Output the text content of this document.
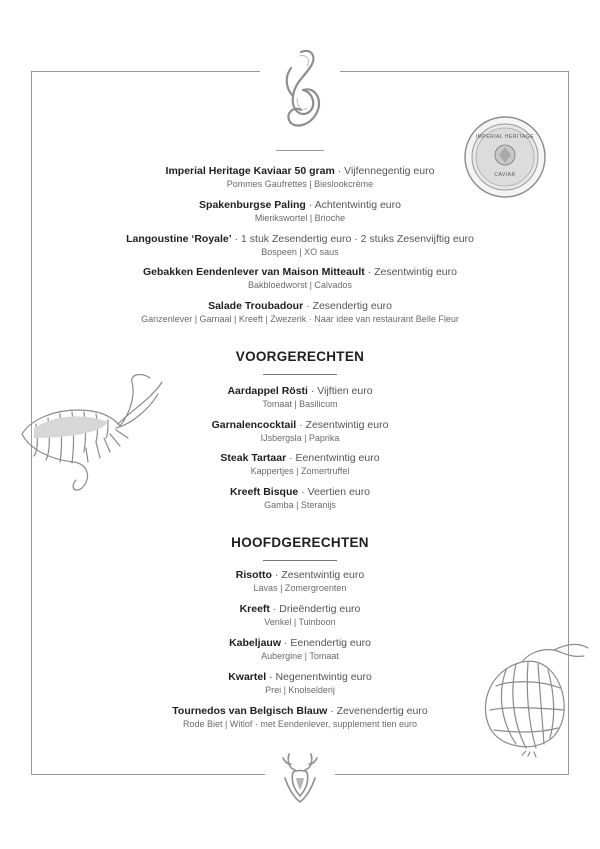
IMPERIAL HERITAGE
CAVIAR
Imperial Heritage Kaviaar 50 gram · Vijfennegentig euro
Pommes Gaufrettes | Bieslookcrème
Spakenburgse Paling · Achtentwintig euro
Mierikswortel | Brioche
Langoustine ‘Royale’ · 1 stuk Zesendertig euro · 2 stuks Zesenvijftig euro
Bospeen | XO saus
Gebakken Eendenlever van Maison Mitteault · Zesentwintig euro
Bakbloedworst | Calvados
Salade Troubadour · Zesendertig euro
Ganzenlever | Garnaal | Kreeft | Zwezerik · Naar idee van restaurant Belle Fleur
VOORGERECHTEN
Aardappel Rösti · Vijftien euro
Tomaat | Basilicum
Garnalencocktail · Zesentwintig euro
IJsbergsla | Paprika
Steak Tartaar · Eenentwintig euro
Kappertjes | Zomertruffel
Kreeft Bisque · Veertien euro
Gamba | Steranijs
HOOFDGERECHTEN
Risotto · Zesentwintig euro
Lavas | Zomergroenten
Kreeft · Drieëndertig euro
Venkel | Tuinboon
Kabeljauw · Eenendertig euro
Aubergine | Tomaat
Kwartel · Negenentwintig euro
Prei | Knolselderij
Tournedos van Belgisch Blauw · Zevenendertig euro
Rode Biet | Witlof · met Eendenlever, supplement tien euro
